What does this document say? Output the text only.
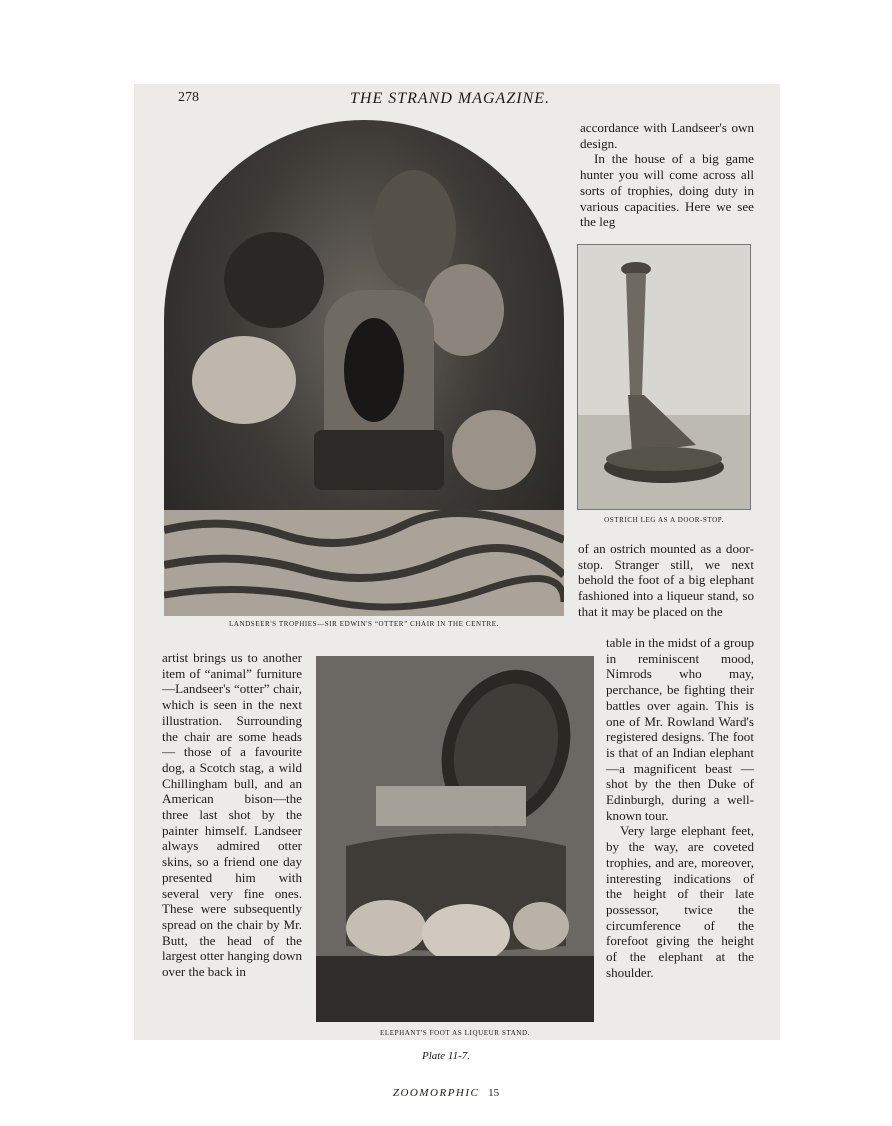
278	THE STRAND MAGAZINE.
LANDSEER'S TROPHIES—SIR EDWIN'S “OTTER” CHAIR IN THE CENTRE.

accordance with Landseer's own design.

In the house of a big game hunter you will come across all sorts of trophies, doing duty in various capacities. Here we see the leg

OSTRICH LEG AS A DOOR-STOP.

of an ostrich mounted as a door-stop. Stranger still, we next behold the foot of a big elephant fashioned into a liqueur stand, so that it may be placed on the

table in the midst of a group in reminiscent mood, Nimrods who may, perchance, be fighting their battles over again. This is one of Mr. Rowland Ward's registered designs. The foot is that of an Indian elephant—a magnificent beast — shot by the then Duke of Edinburgh, during a well-known tour.

Very large elephant feet, by the way, are coveted trophies, and are, moreover, interesting indications of the height of their late possessor, twice the circumference of the forefoot giving the height of the elephant at the shoulder.

artist brings us to another item of “animal” furniture—Landseer's “otter” chair, which is seen in the next illustration. Surrounding the chair are some heads — those of a favourite dog, a Scotch stag, a wild Chillingham bull, and an American bison—the three last shot by the painter himself. Landseer always admired otter skins, so a friend one day presented him with several very fine ones. These were subsequently spread on the chair by Mr. Butt, the head of the largest otter hanging down over the back in

ELEPHANT'S FOOT AS LIQUEUR STAND.
Plate 11-7.
ZOOMORPHIC 15
